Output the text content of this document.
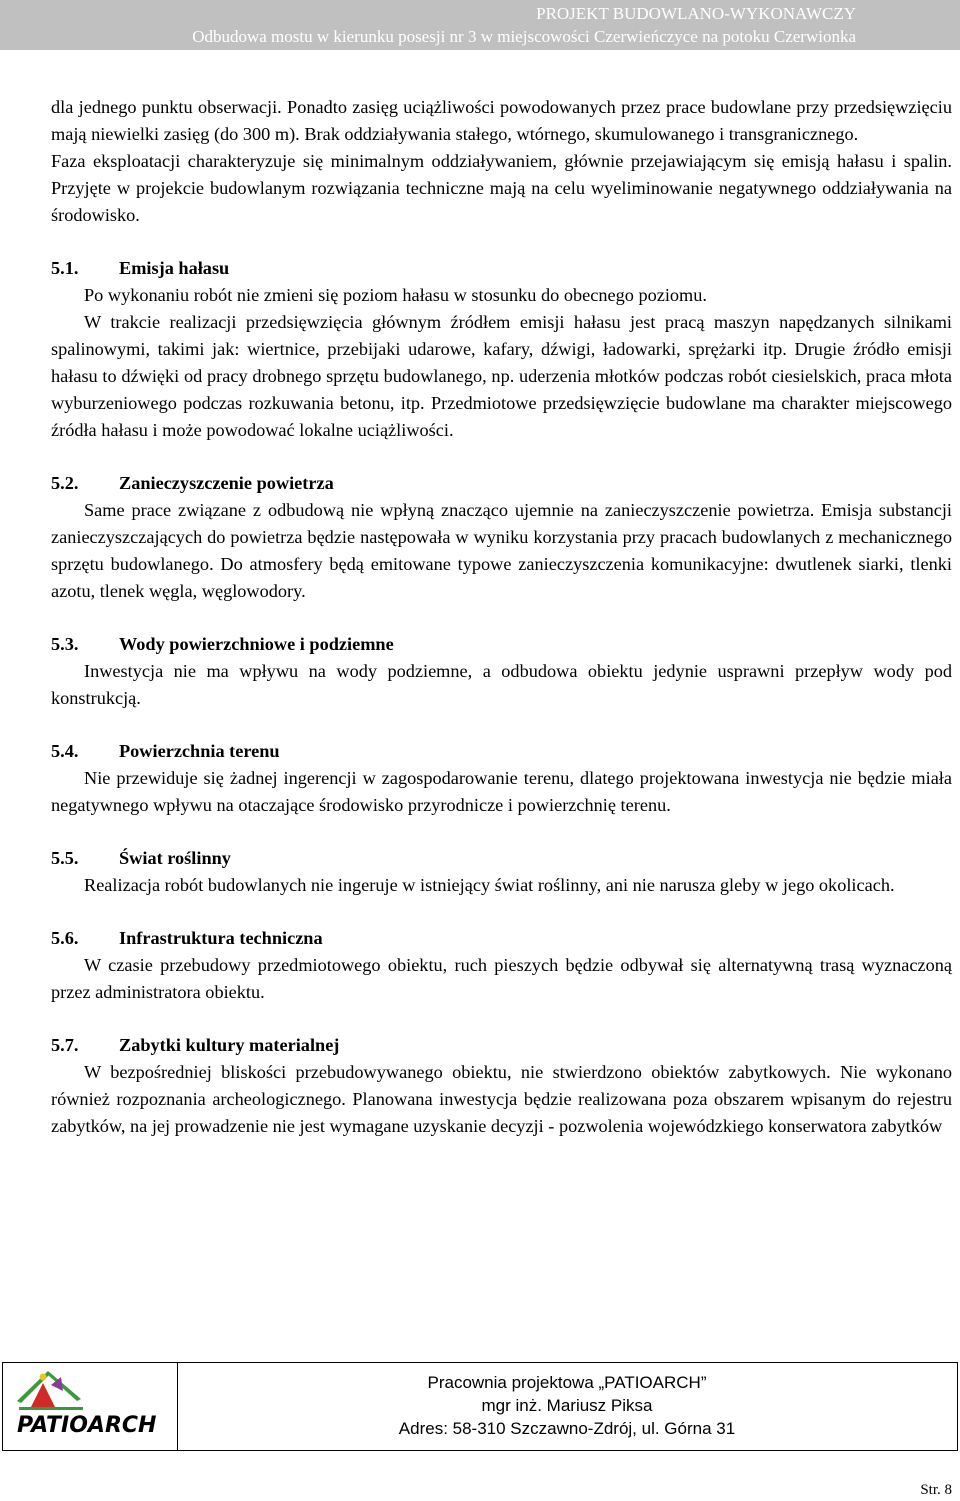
PROJEKT BUDOWLANO-WYKONAWCZY
Odbudowa mostu w kierunku posesji nr 3 w miejscowości Czerwieńczyce na potoku Czerwionka

dla jednego punktu obserwacji. Ponadto zasięg uciążliwości powodowanych przez prace budowlane przy przedsięwzięciu mają niewielki zasięg (do 300 m). Brak oddziaływania stałego, wtórnego, skumulowanego i transgranicznego.

Faza eksploatacji charakteryzuje się minimalnym oddziaływaniem, głównie przejawiającym się emisją hałasu i spalin. Przyjęte w projekcie budowlanym rozwiązania techniczne mają na celu wyeliminowanie negatywnego oddziaływania na środowisko.

5.1. Emisja hałasu

Po wykonaniu robót nie zmieni się poziom hałasu w stosunku do obecnego poziomu.

W trakcie realizacji przedsięwzięcia głównym źródłem emisji hałasu jest pracą maszyn napędzanych silnikami spalinowymi, takimi jak: wiertnice, przebijaki udarowe, kafary, dźwigi, ładowarki, sprężarki itp. Drugie źródło emisji hałasu to dźwięki od pracy drobnego sprzętu budowlanego, np. uderzenia młotków podczas robót ciesielskich, praca młota wyburzeniowego podczas rozkuwania betonu, itp. Przedmiotowe przedsięwzięcie budowlane ma charakter miejscowego źródła hałasu i może powodować lokalne uciążliwości.

5.2. Zanieczyszczenie powietrza

Same prace związane z odbudową nie wpłyną znacząco ujemnie na zanieczyszczenie powietrza. Emisja substancji zanieczyszczających do powietrza będzie następowała w wyniku korzystania przy pracach budowlanych z mechanicznego sprzętu budowlanego. Do atmosfery będą emitowane typowe zanieczyszczenia komunikacyjne: dwutlenek siarki, tlenki azotu, tlenek węgla, węglowodory.

5.3. Wody powierzchniowe i podziemne

Inwestycja nie ma wpływu na wody podziemne, a odbudowa obiektu jedynie usprawni przepływ wody pod konstrukcją.

5.4. Powierzchnia terenu

Nie przewiduje się żadnej ingerencji w zagospodarowanie terenu, dlatego projektowana inwestycja nie będzie miała negatywnego wpływu na otaczające środowisko przyrodnicze i powierzchnię terenu.

5.5. Świat roślinny

Realizacja robót budowlanych nie ingeruje w istniejący świat roślinny, ani nie narusza gleby w jego okolicach.

5.6. Infrastruktura techniczna

W czasie przebudowy przedmiotowego obiektu, ruch pieszych będzie odbywał się alternatywną trasą wyznaczoną przez administratora obiektu.

5.7. Zabytki kultury materialnej

W bezpośredniej bliskości przebudowywanego obiektu, nie stwierdzono obiektów zabytkowych. Nie wykonano również rozpoznania archeologicznego. Planowana inwestycja będzie realizowana poza obszarem wpisanym do rejestru zabytków, na jej prowadzenie nie jest wymagane uzyskanie decyzji - pozwolenia wojewódzkiego konserwatora zabytków

PATIOARCH
Pracownia projektowa „PATIOARCH”
mgr inż. Mariusz Piksa
Adres: 58-310 Szczawno-Zdrój, ul. Górna 31
Str. 8
